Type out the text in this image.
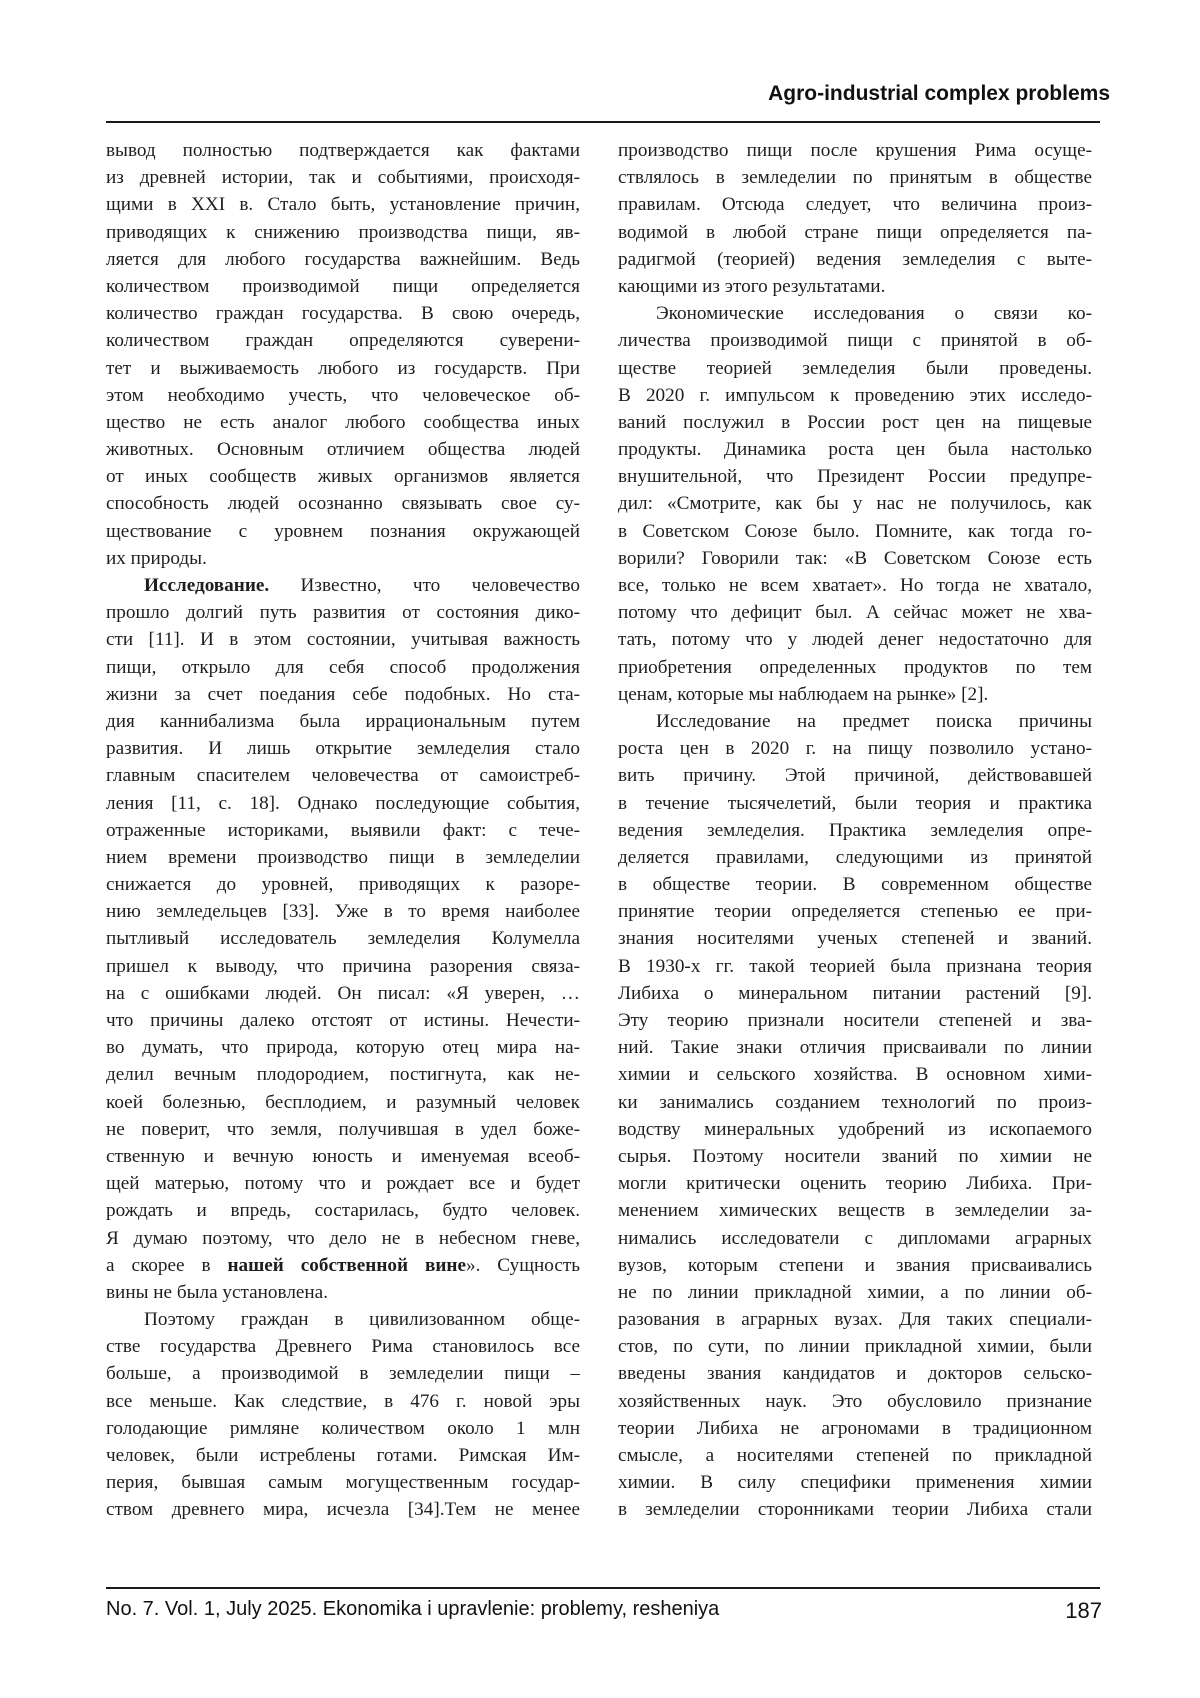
Agro-industrial complex problems
вывод полностью подтверждается как фактами
из древней истории, так и событиями, происходя-
щими в XXI в. Стало быть, установление причин,
приводящих к снижению производства пищи, яв-
ляется для любого государства важнейшим. Ведь
количеством производимой пищи определяется
количество граждан государства. В свою очередь,
количеством граждан определяются суверени-
тет и выживаемость любого из государств. При
этом необходимо учесть, что человеческое об-
щество не есть аналог любого сообщества иных
животных. Основным отличием общества людей
от иных сообществ живых организмов является
способность людей осознанно связывать свое су-
ществование с уровнем познания окружающей
их природы.
Исследование. Известно, что человечество
прошло долгий путь развития от состояния дико-
сти [11]. И в этом состоянии, учитывая важность
пищи, открыло для себя способ продолжения
жизни за счет поедания себе подобных. Но ста-
дия каннибализма была иррациональным путем
развития. И лишь открытие земледелия стало
главным спасителем человечества от самоистреб-
ления [11, с. 18]. Однако последующие события,
отраженные историками, выявили факт: с тече-
нием времени производство пищи в земледелии
снижается до уровней, приводящих к разоре-
нию земледельцев [33]. Уже в то время наиболее
пытливый исследователь земледелия Колумелла
пришел к выводу, что причина разорения связа-
на с ошибками людей. Он писал: «Я уверен, …
что причины далеко отстоят от истины. Нечести-
во думать, что природа, которую отец мира на-
делил вечным плодородием, постигнута, как не-
коей болезнью, бесплодием, и разумный человек
не поверит, что земля, получившая в удел боже-
ственную и вечную юность и именуемая всеоб-
щей матерью, потому что и рождает все и будет
рождать и впредь, состарилась, будто человек.
Я думаю поэтому, что дело не в небесном гневе,
а скорее в нашей собственной вине». Сущность
вины не была установлена.
Поэтому граждан в цивилизованном обще-
стве государства Древнего Рима становилось все
больше, а производимой в земледелии пищи –
все меньше. Как следствие, в 476 г. новой эры
голодающие римляне количеством около 1 млн
человек, были истреблены готами. Римская Им-
перия, бывшая самым могущественным государ-
ством древнего мира, исчезла [34].Тем не менее
производство пищи после крушения Рима осуще-
ствлялось в земледелии по принятым в обществе
правилам. Отсюда следует, что величина произ-
водимой в любой стране пищи определяется па-
радигмой (теорией) ведения земледелия с выте-
кающими из этого результатами.
Экономические исследования о связи ко-
личества производимой пищи с принятой в об-
ществе теорией земледелия были проведены.
В 2020 г. импульсом к проведению этих исследо-
ваний послужил в России рост цен на пищевые
продукты. Динамика роста цен была настолько
внушительной, что Президент России предупре-
дил: «Смотрите, как бы у нас не получилось, как
в Советском Союзе было. Помните, как тогда го-
ворили? Говорили так: «В Советском Союзе есть
все, только не всем хватает». Но тогда не хватало,
потому что дефицит был. А сейчас может не хва-
тать, потому что у людей денег недостаточно для
приобретения определенных продуктов по тем
ценам, которые мы наблюдаем на рынке» [2].
Исследование на предмет поиска причины
роста цен в 2020 г. на пищу позволило устано-
вить причину. Этой причиной, действовавшей
в течение тысячелетий, были теория и практика
ведения земледелия. Практика земледелия опре-
деляется правилами, следующими из принятой
в обществе теории. В современном обществе
принятие теории определяется степенью ее при-
знания носителями ученых степеней и званий.
В 1930-х гг. такой теорией была признана теория
Либиха о минеральном питании растений [9].
Эту теорию признали носители степеней и зва-
ний. Такие знаки отличия присваивали по линии
химии и сельского хозяйства. В основном хими-
ки занимались созданием технологий по произ-
водству минеральных удобрений из ископаемого
сырья. Поэтому носители званий по химии не
могли критически оценить теорию Либиха. При-
менением химических веществ в земледелии за-
нимались исследователи с дипломами аграрных
вузов, которым степени и звания присваивались
не по линии прикладной химии, а по линии об-
разования в аграрных вузах. Для таких специали-
стов, по сути, по линии прикладной химии, были
введены звания кандидатов и докторов сельско-
хозяйственных наук. Это обусловило признание
теории Либиха не агрономами в традиционном
смысле, а носителями степеней по прикладной
химии. В силу специфики применения химии
в земледелии сторонниками теории Либиха стали
No. 7. Vol. 1, July 2025. Ekonomika i upravlenie: problemy, resheniya	187
